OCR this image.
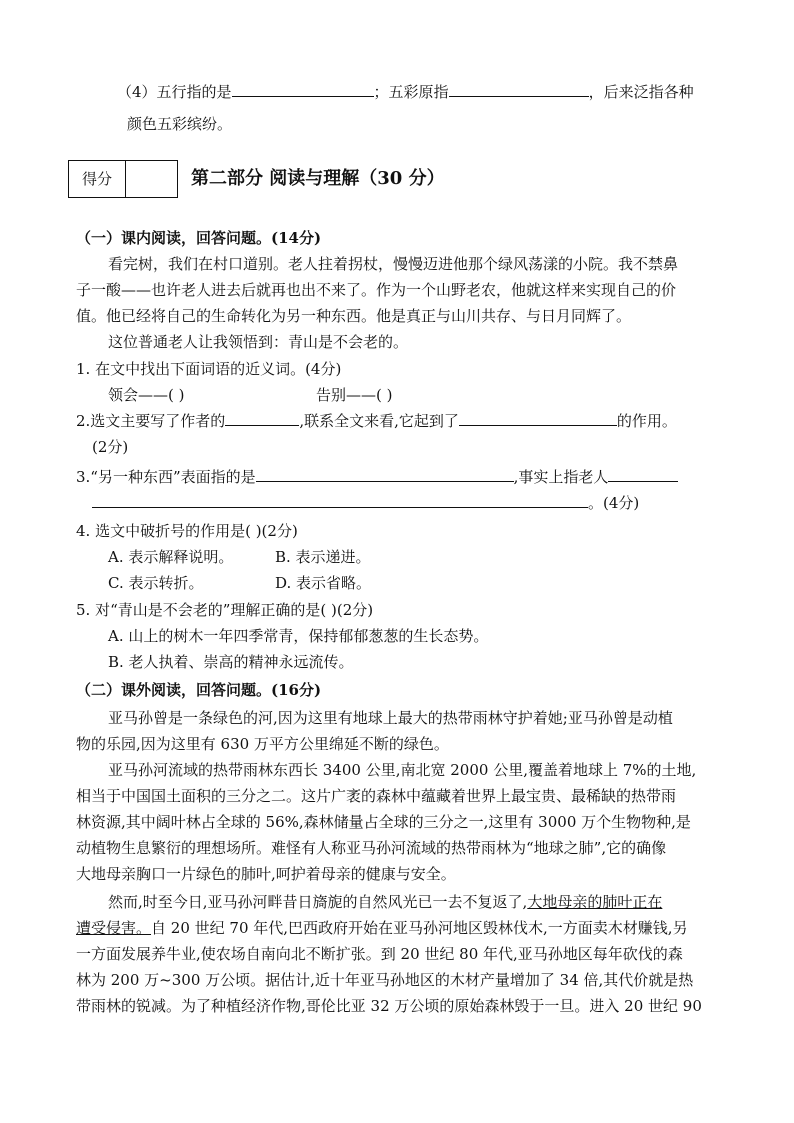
（4）五行指的是	；五彩原指	，后来泛指各种
颜色五彩缤纷。
得分	第二部分 阅读与理解（30 分）
（一）课内阅读，回答问题。(14分)
看完树，我们在村口道别。老人拄着拐杖，慢慢迈进他那个绿风荡漾的小院。我不禁鼻
子一酸——也许老人进去后就再也出不来了。作为一个山野老农，他就这样来实现自己的价
值。他已经将自己的生命转化为另一种东西。他是真正与山川共存、与日月同辉了。
这位普通老人让我领悟到：青山是不会老的。
1. 在文中找出下面词语的近义词。(4分)
领会——( )	告别——( )
2.选文主要写了作者的	,联系全文来看,它起到了	的作用。
(2分)
3.“另一种东西”表面指的是	,事实上指老人
。(4分)
4. 选文中破折号的作用是( )(2分)
A. 表示解释说明。	B. 表示递进。
C. 表示转折。	D. 表示省略。
5. 对“青山是不会老的”理解正确的是( )(2分)
A. 山上的树木一年四季常青，保持郁郁葱葱的生长态势。
B. 老人执着、崇高的精神永远流传。
（二）课外阅读，回答问题。(16分)
亚马孙曾是一条绿色的河,因为这里有地球上最大的热带雨林守护着她;亚马孙曾是动植
物的乐园,因为这里有 630 万平方公里绵延不断的绿色。
亚马孙河流域的热带雨林东西长 3400 公里,南北宽 2000 公里,覆盖着地球上 7%的土地,
相当于中国国土面积的三分之二。这片广袤的森林中蕴藏着世界上最宝贵、最稀缺的热带雨
林资源,其中阔叶林占全球的 56%,森林储量占全球的三分之一,这里有 3000 万个生物物种,是
动植物生息繁衍的理想场所。难怪有人称亚马孙河流域的热带雨林为“地球之肺”,它的确像
大地母亲胸口一片绿色的肺叶,呵护着母亲的健康与安全。
然而,时至今日,亚马孙河畔昔日旖旎的自然风光已一去不复返了,大地母亲的肺叶正在
遭受侵害。自 20 世纪 70 年代,巴西政府开始在亚马孙河地区毁林伐木,一方面卖木材赚钱,另
一方面发展养牛业,使农场自南向北不断扩张。到 20 世纪 80 年代,亚马孙地区每年砍伐的森
林为 200 万~300 万公顷。据估计,近十年亚马孙地区的木材产量增加了 34 倍,其代价就是热
带雨林的锐减。为了种植经济作物,哥伦比亚 32 万公顷的原始森林毁于一旦。进入 20 世纪 90
